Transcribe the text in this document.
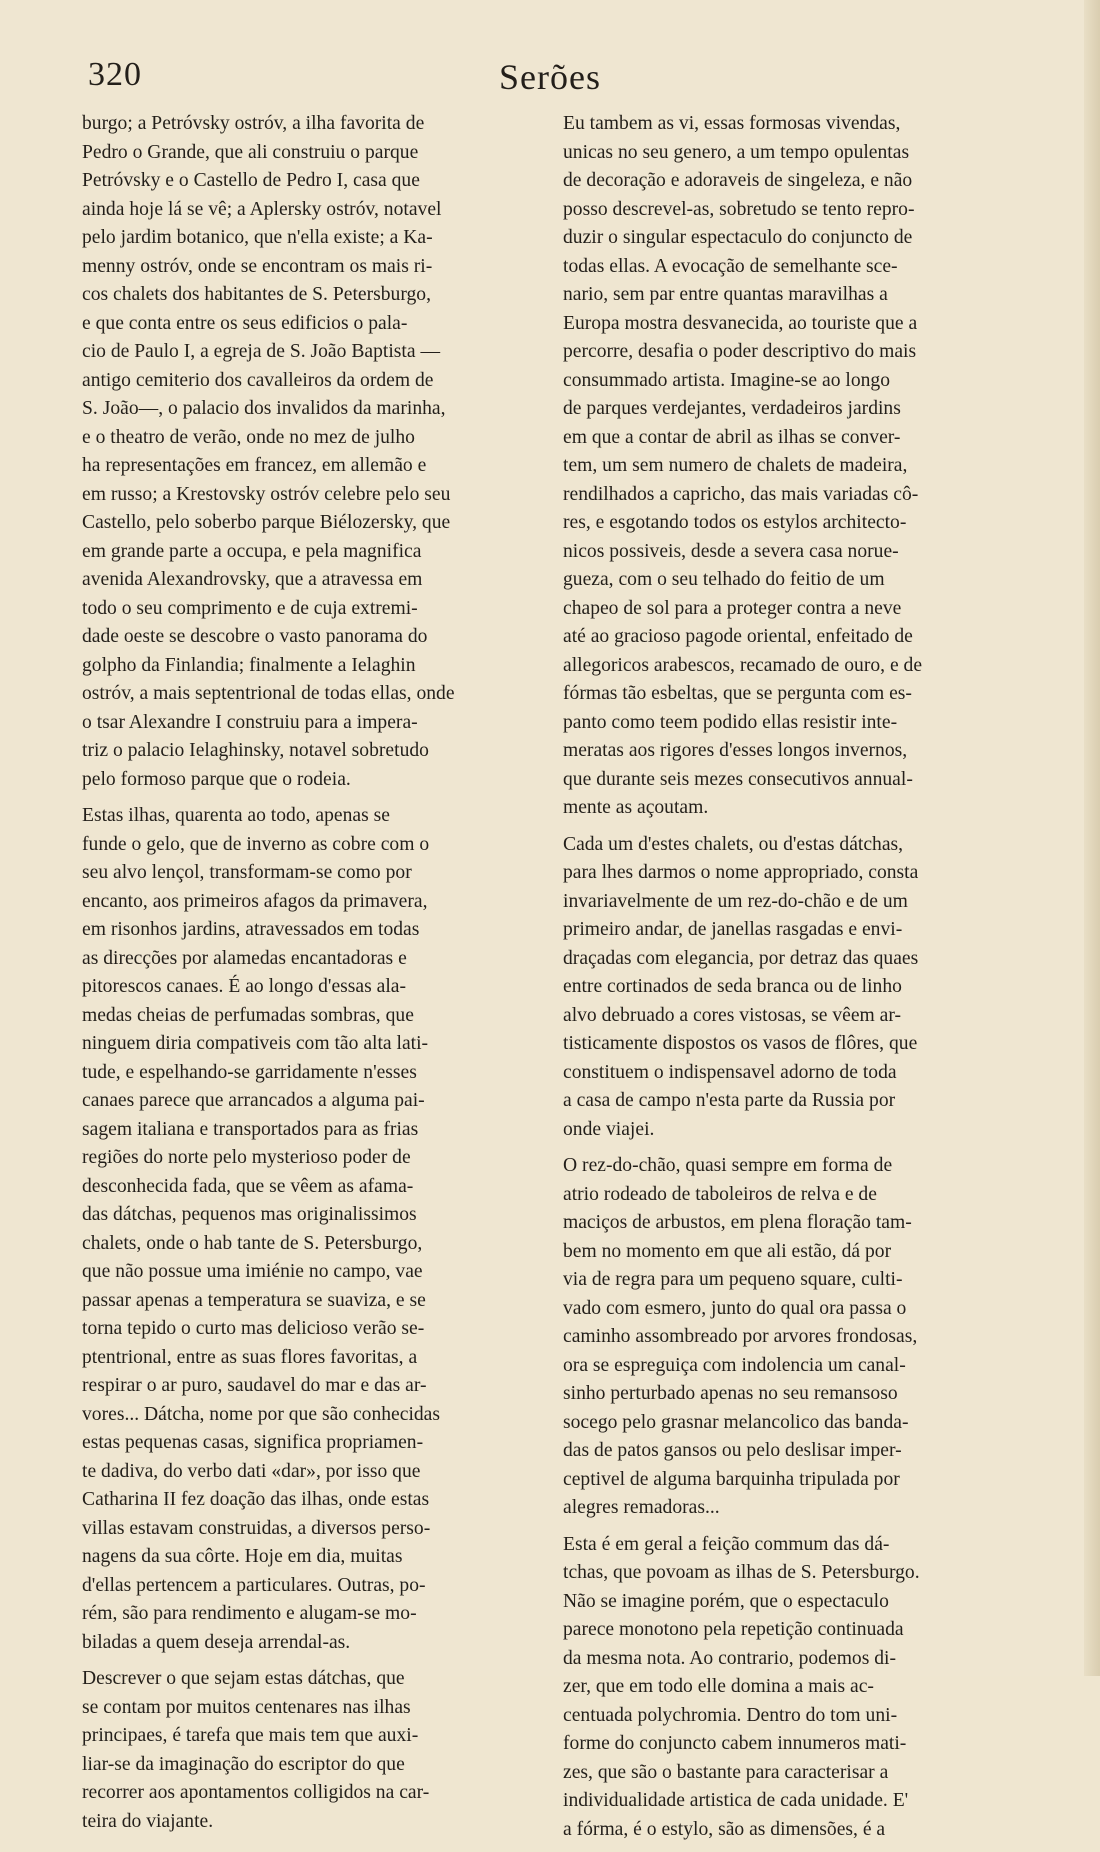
320	Serões
burgo; a Petróvsky ostróv, a ilha favorita de
Pedro o Grande, que ali construiu o parque
Petróvsky e o Castello de Pedro I, casa que
ainda hoje lá se vê; a Aplersky ostróv, notavel
pelo jardim botanico, que n'ella existe; a Ka-
menny ostróv, onde se encontram os mais ri-
cos chalets dos habitantes de S. Petersburgo,
e que conta entre os seus edificios o pala-
cio de Paulo I, a egreja de S. João Baptista —
antigo cemiterio dos cavalleiros da ordem de
S. João—, o palacio dos invalidos da marinha,
e o theatro de verão, onde no mez de julho
ha representações em francez, em allemão e
em russo; a Krestovsky ostróv celebre pelo seu
Castello, pelo soberbo parque Biélozersky, que
em grande parte a occupa, e pela magnifica
avenida Alexandrovsky, que a atravessa em
todo o seu comprimento e de cuja extremi-
dade oeste se descobre o vasto panorama do
golpho da Finlandia; finalmente a Ielaghin
ostróv, a mais septentrional de todas ellas, onde
o tsar Alexandre I construiu para a impera-
triz o palacio Ielaghinsky, notavel sobretudo
pelo formoso parque que o rodeia.
Estas ilhas, quarenta ao todo, apenas se
funde o gelo, que de inverno as cobre com o
seu alvo lençol, transformam-se como por
encanto, aos primeiros afagos da primavera,
em risonhos jardins, atravessados em todas
as direcções por alamedas encantadoras e
pitorescos canaes. É ao longo d'essas ala-
medas cheias de perfumadas sombras, que
ninguem diria compativeis com tão alta lati-
tude, e espelhando-se garridamente n'esses
canaes parece que arrancados a alguma pai-
sagem italiana e transportados para as frias
regiões do norte pelo mysterioso poder de
desconhecida fada, que se vêem as afama-
das dátchas, pequenos mas originalissimos
chalets, onde o hab tante de S. Petersburgo,
que não possue uma imiénie no campo, vae
passar apenas a temperatura se suaviza, e se
torna tepido o curto mas delicioso verão se-
ptentrional, entre as suas flores favoritas, a
respirar o ar puro, saudavel do mar e das ar-
vores... Dátcha, nome por que são conhecidas
estas pequenas casas, significa propriamen-
te dadiva, do verbo dati «dar», por isso que
Catharina II fez doação das ilhas, onde estas
villas estavam construidas, a diversos perso-
nagens da sua côrte. Hoje em dia, muitas
d'ellas pertencem a particulares. Outras, po-
rém, são para rendimento e alugam-se mo-
biladas a quem deseja arrendal-as.
Descrever o que sejam estas dátchas, que
se contam por muitos centenares nas ilhas
principaes, é tarefa que mais tem que auxi-
liar-se da imaginação do escriptor do que
recorrer aos apontamentos colligidos na car-
teira do viajante.
Eu tambem as vi, essas formosas vivendas,
unicas no seu genero, a um tempo opulentas
de decoração e adoraveis de singeleza, e não
posso descrevel-as, sobretudo se tento repro-
duzir o singular espectaculo do conjuncto de
todas ellas. A evocação de semelhante sce-
nario, sem par entre quantas maravilhas a
Europa mostra desvanecida, ao touriste que a
percorre, desafia o poder descriptivo do mais
consummado artista. Imagine-se ao longo
de parques verdejantes, verdadeiros jardins
em que a contar de abril as ilhas se conver-
tem, um sem numero de chalets de madeira,
rendilhados a capricho, das mais variadas cô-
res, e esgotando todos os estylos architecto-
nicos possiveis, desde a severa casa norue-
gueza, com o seu telhado do feitio de um
chapeo de sol para a proteger contra a neve
até ao gracioso pagode oriental, enfeitado de
allegoricos arabescos, recamado de ouro, e de
fórmas tão esbeltas, que se pergunta com es-
panto como teem podido ellas resistir inte-
meratas aos rigores d'esses longos invernos,
que durante seis mezes consecutivos annual-
mente as açoutam.
Cada um d'estes chalets, ou d'estas dátchas,
para lhes darmos o nome appropriado, consta
invariavelmente de um rez-do-chão e de um
primeiro andar, de janellas rasgadas e envi-
draçadas com elegancia, por detraz das quaes
entre cortinados de seda branca ou de linho
alvo debruado a cores vistosas, se vêem ar-
tisticamente dispostos os vasos de flôres, que
constituem o indispensavel adorno de toda
a casa de campo n'esta parte da Russia por
onde viajei.
O rez-do-chão, quasi sempre em forma de
atrio rodeado de taboleiros de relva e de
maciços de arbustos, em plena floração tam-
bem no momento em que ali estão, dá por
via de regra para um pequeno square, culti-
vado com esmero, junto do qual ora passa o
caminho assombreado por arvores frondosas,
ora se espreguiça com indolencia um canal-
sinho perturbado apenas no seu remansoso
socego pelo grasnar melancolico das banda-
das de patos gansos ou pelo deslisar imper-
ceptivel de alguma barquinha tripulada por
alegres remadoras...
Esta é em geral a feição commum das dá-
tchas, que povoam as ilhas de S. Petersburgo.
Não se imagine porém, que o espectaculo
parece monotono pela repetição continuada
da mesma nota. Ao contrario, podemos di-
zer, que em todo elle domina a mais ac-
centuada polychromia. Dentro do tom uni-
forme do conjuncto cabem innumeros mati-
zes, que são o bastante para caracterisar a
individualidade artistica de cada unidade. E'
a fórma, é o estylo, são as dimensões, é a
